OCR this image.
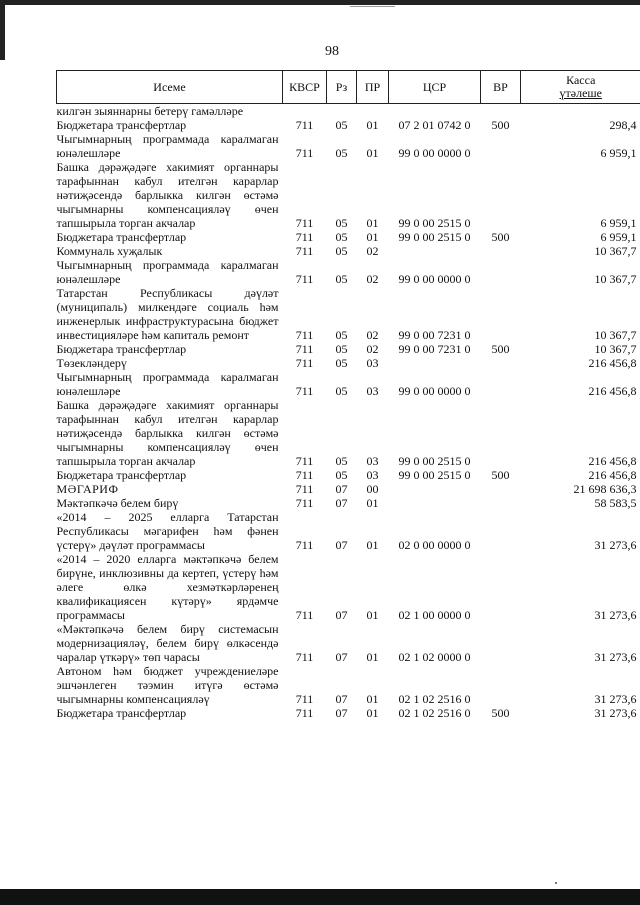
98
Исеме	КВСР	Рз	ПР	ЦСР	ВР	Касса
үтәлеше
килгән зыяннарны бетерү гамәлләре						
Бюджетара трансфертлар	711	05	01	07 2 01 0742 0	500	298,4
Чыгымнарның программада каралмаган юнәлешләре	711	05	01	99 0 00 0000 0		6 959,1
Башка дәрәҗәдәге хакимият органнары тарафыннан кабул ителгән карарлар нәтиҗәсендә барлыкка килгән өстәмә чыгымнарны компенсацияләү өчен тапшырыла торган акчалар	711	05	01	99 0 00 2515 0		6 959,1
Бюджетара трансфертлар	711	05	01	99 0 00 2515 0	500	6 959,1
Коммуналь хуҗалык	711	05	02			10 367,7
Чыгымнарның программада каралмаган юнәлешләре	711	05	02	99 0 00 0000 0		10 367,7
Татарстан Республикасы дәүләт (муниципаль) милкендәге социаль һәм инженерлык инфраструктурасына бюджет инвестицияләре һәм капиталь ремонт	711	05	02	99 0 00 7231 0		10 367,7
Бюджетара трансфертлар	711	05	02	99 0 00 7231 0	500	10 367,7
Төзекләндерү	711	05	03			216 456,8
Чыгымнарның программада каралмаган юнәлешләре	711	05	03	99 0 00 0000 0		216 456,8
Башка дәрәҗәдәге хакимият органнары тарафыннан кабул ителгән карарлар нәтиҗәсендә барлыкка килгән өстәмә чыгымнарны компенсацияләү өчен тапшырыла торган акчалар	711	05	03	99 0 00 2515 0		216 456,8
Бюджетара трансфертлар	711	05	03	99 0 00 2515 0	500	216 456,8
МӘГАРИФ	711	07	00			21 698 636,3
Мәктәпкәчә белем бирү	711	07	01			58 583,5
«2014 – 2025 елларга Татарстан Республикасы мәгарифен һәм фәнен үстерү» дәүләт программасы	711	07	01	02 0 00 0000 0		31 273,6
«2014 – 2020 елларга мәктәпкәчә белем бирүне, инклюзивны да кертеп, үстерү һәм әлеге өлкә хезмәткәрләренең квалификациясен күтәрү» ярдәмче программасы	711	07	01	02 1 00 0000 0		31 273,6
«Мәктәпкәчә белем бирү системасын модернизацияләү, белем бирү өлкәсендә чаралар үткәрү» төп чарасы	711	07	01	02 1 02 0000 0		31 273,6
Автоном һәм бюджет учреждениеләре эшчәнлеген тәэмин итүгә өстәмә чыгымнарны компенсацияләү	711	07	01	02 1 02 2516 0		31 273,6
Бюджетара трансфертлар	711	07	01	02 1 02 2516 0	500	31 273,6
